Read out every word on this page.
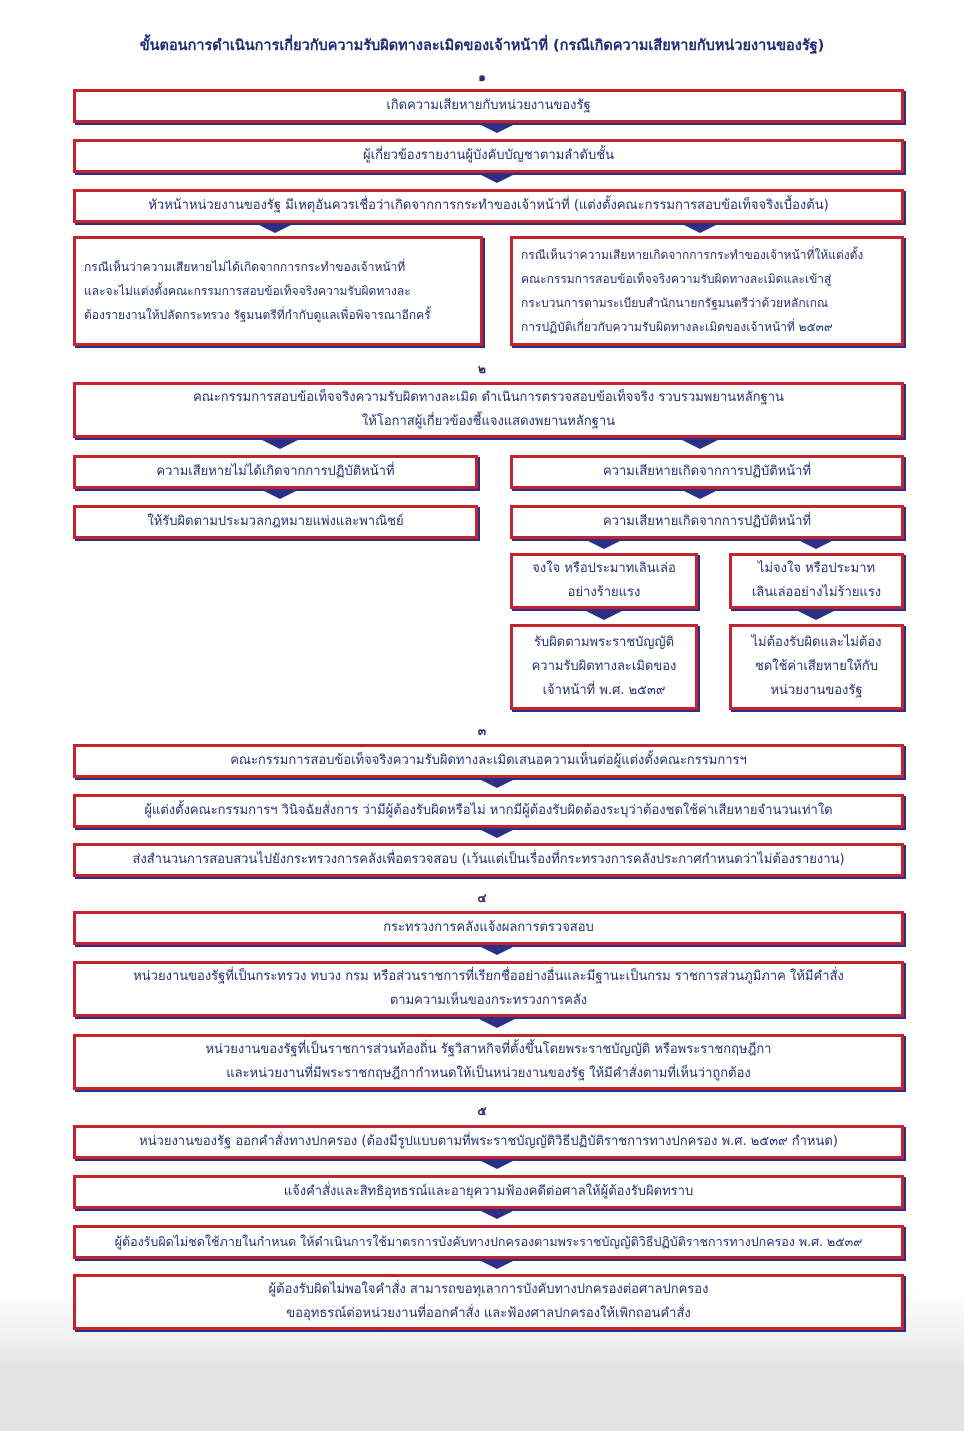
ขั้นตอนการดำเนินการเกี่ยวกับความรับผิดทางละเมิดของเจ้าหน้าที่ (กรณีเกิดความเสียหายกับหน่วยงานของรัฐ)
๑
๒
๓
๔
๕
เกิดความเสียหายกับหน่วยงานของรัฐ
ผู้เกี่ยวข้องรายงานผู้บังคับบัญชาตามลำดับชั้น
หัวหน้าหน่วยงานของรัฐ มีเหตุอันควรเชื่อว่าเกิดจากการกระทำของเจ้าหน้าที่ (แต่งตั้งคณะกรรมการสอบข้อเท็จจริงเบื้องต้น)
กรณีเห็นว่าความเสียหายไม่ได้เกิดจากการกระทำของเจ้าหน้าที่
และจะไม่แต่งตั้งคณะกรรมการสอบข้อเท็จจริงความรับผิดทางละ
ต้องรายงานให้ปลัดกระทรวง รัฐมนตรีที่กำกับดูแลเพื่อพิจารณาอีกครั้
กรณีเห็นว่าความเสียหายเกิดจากการกระทำของเจ้าหน้าที่ให้แต่งตั้ง
คณะกรรมการสอบข้อเท็จจริงความรับผิดทางละเมิดและเข้าสู่
กระบวนการตามระเบียบสำนักนายกรัฐมนตรีว่าด้วยหลักเกณ
การปฏิบัติเกี่ยวกับความรับผิดทางละเมิดของเจ้าหน้าที่ ๒๕๓๙
คณะกรรมการสอบข้อเท็จจริงความรับผิดทางละเมิด ดำเนินการตรวจสอบข้อเท็จจริง รวบรวมพยานหลักฐาน
ให้โอกาสผู้เกี่ยวข้องชี้แจงแสดงพยานหลักฐาน
ความเสียหายไม่ได้เกิดจากการปฏิบัติหน้าที่	ความเสียหายเกิดจากการปฏิบัติหน้าที่
ให้รับผิดตามประมวลกฎหมายแพ่งและพาณิชย์	ความเสียหายเกิดจากการปฏิบัติหน้าที่
จงใจ หรือประมาทเลินเล่อ
อย่างร้ายแรง
ไม่จงใจ หรือประมาท
เลินเล่ออย่างไม่ร้ายแรง
รับผิดตามพระราชบัญญัติ
ความรับผิดทางละเมิดของ
เจ้าหน้าที่ พ.ศ. ๒๕๓๙
ไม่ต้องรับผิดและไม่ต้อง
ชดใช้ค่าเสียหายให้กับ
หน่วยงานของรัฐ
คณะกรรมการสอบข้อเท็จจริงความรับผิดทางละเมิดเสนอความเห็นต่อผู้แต่งตั้งคณะกรรมการฯ
ผู้แต่งตั้งคณะกรรมการฯ วินิจฉัยสั่งการ ว่ามีผู้ต้องรับผิดหรือไม่ หากมีผู้ต้องรับผิดต้องระบุว่าต้องชดใช้ค่าเสียหายจำนวนเท่าใด
ส่งสำนวนการสอบสวนไปยังกระทรวงการคลังเพื่อตรวจสอบ (เว้นแต่เป็นเรื่องที่กระทรวงการคลังประกาศกำหนดว่าไม่ต้องรายงาน)
กระทรวงการคลังแจ้งผลการตรวจสอบ
หน่วยงานของรัฐที่เป็นกระทรวง ทบวง กรม หรือส่วนราชการที่เรียกชื่ออย่างอื่นและมีฐานะเป็นกรม ราชการส่วนภูมิภาค ให้มีคำสั่ง
ตามความเห็นของกระทรวงการคลัง
หน่วยงานของรัฐที่เป็นราชการส่วนท้องถิ่น รัฐวิสาหกิจที่ตั้งขึ้นโดยพระราชบัญญัติ หรือพระราชกฤษฎีกา
และหน่วยงานที่มีพระราชกฤษฎีกากำหนดให้เป็นหน่วยงานของรัฐ ให้มีคำสั่งตามที่เห็นว่าถูกต้อง
หน่วยงานของรัฐ ออกคำสั่งทางปกครอง (ต้องมีรูปแบบตามที่พระราชบัญญัติวิธีปฏิบัติราชการทางปกครอง พ.ศ. ๒๕๓๙ กำหนด)
แจ้งคำสั่งและสิทธิอุทธรณ์และอายุความฟ้องคดีต่อศาลให้ผู้ต้องรับผิดทราบ
ผู้ต้องรับผิดไม่ชดใช้ภายในกำหนด ให้ดำเนินการใช้มาตรการบังคับทางปกครองตามพระราชบัญญัติวิธีปฏิบัติราชการทางปกครอง พ.ศ. ๒๕๓๙
ผู้ต้องรับผิดไม่พอใจคำสั่ง สามารถขอทุเลาการบังคับทางปกครองต่อศาลปกครอง
ขออุทธรณ์ต่อหน่วยงานที่ออกคำสั่ง และฟ้องศาลปกครองให้เพิกถอนคำสั่ง
